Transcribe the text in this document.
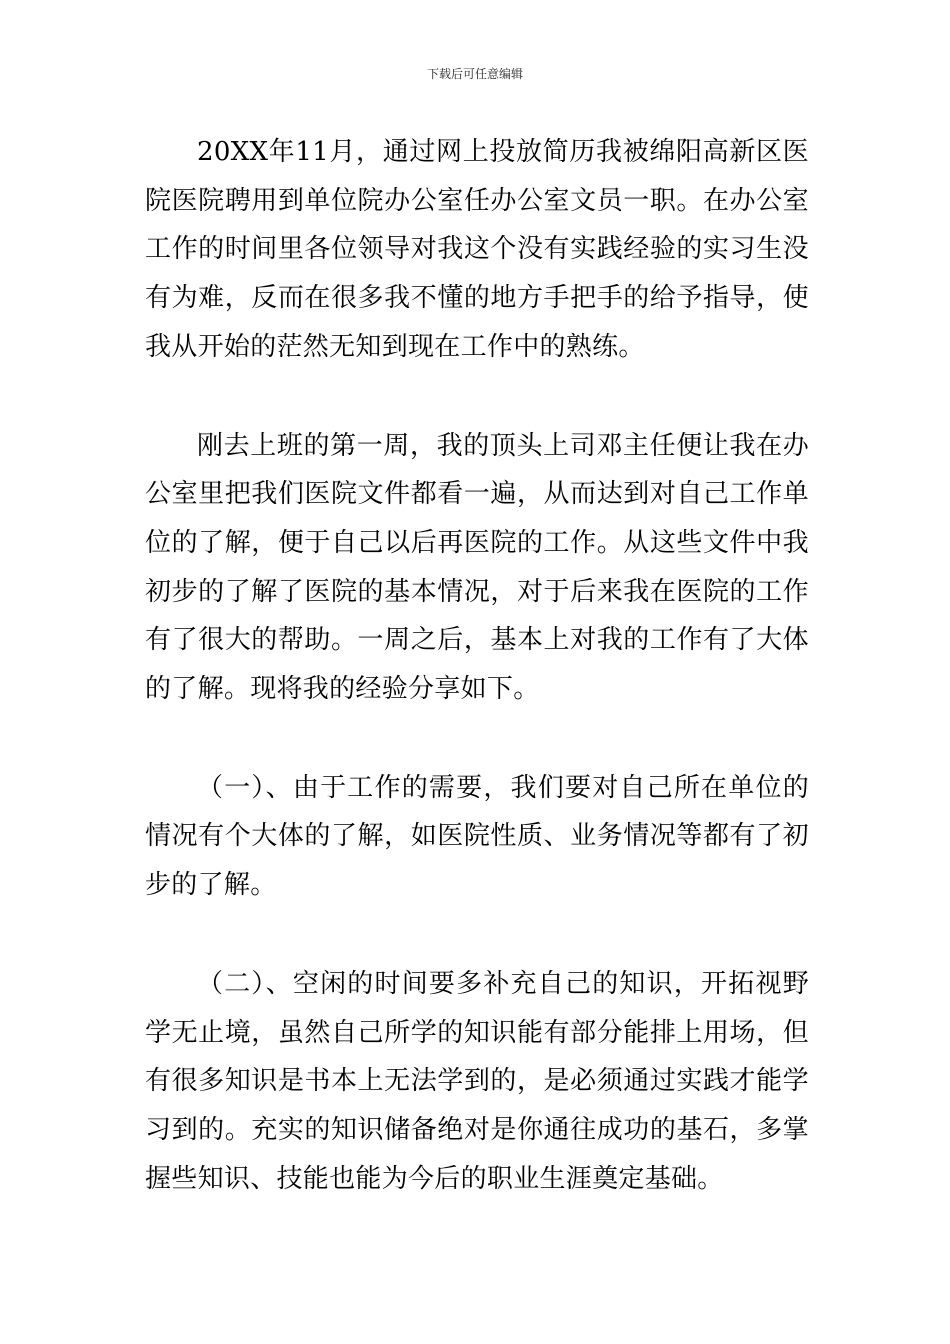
下载后可任意编辑

20XX年11月，通过网上投放简历我被绵阳高新区医院医院聘用到单位院办公室任办公室文员一职。在办公室工作的时间里各位领导对我这个没有实践经验的实习生没有为难，反而在很多我不懂的地方手把手的给予指导，使我从开始的茫然无知到现在工作中的熟练。

刚去上班的第一周，我的顶头上司邓主任便让我在办公室里把我们医院文件都看一遍，从而达到对自己工作单位的了解，便于自己以后再医院的工作。从这些文件中我初步的了解了医院的基本情况，对于后来我在医院的工作有了很大的帮助。一周之后，基本上对我的工作有了大体的了解。现将我的经验分享如下。

（一）、由于工作的需要，我们要对自己所在单位的情况有个大体的了解，如医院性质、业务情况等都有了初步的了解。

（二）、空闲的时间要多补充自己的知识，开拓视野学无止境，虽然自己所学的知识能有部分能排上用场，但有很多知识是书本上无法学到的，是必须通过实践才能学习到的。充实的知识储备绝对是你通往成功的基石，多掌握些知识、技能也能为今后的职业生涯奠定基础。
